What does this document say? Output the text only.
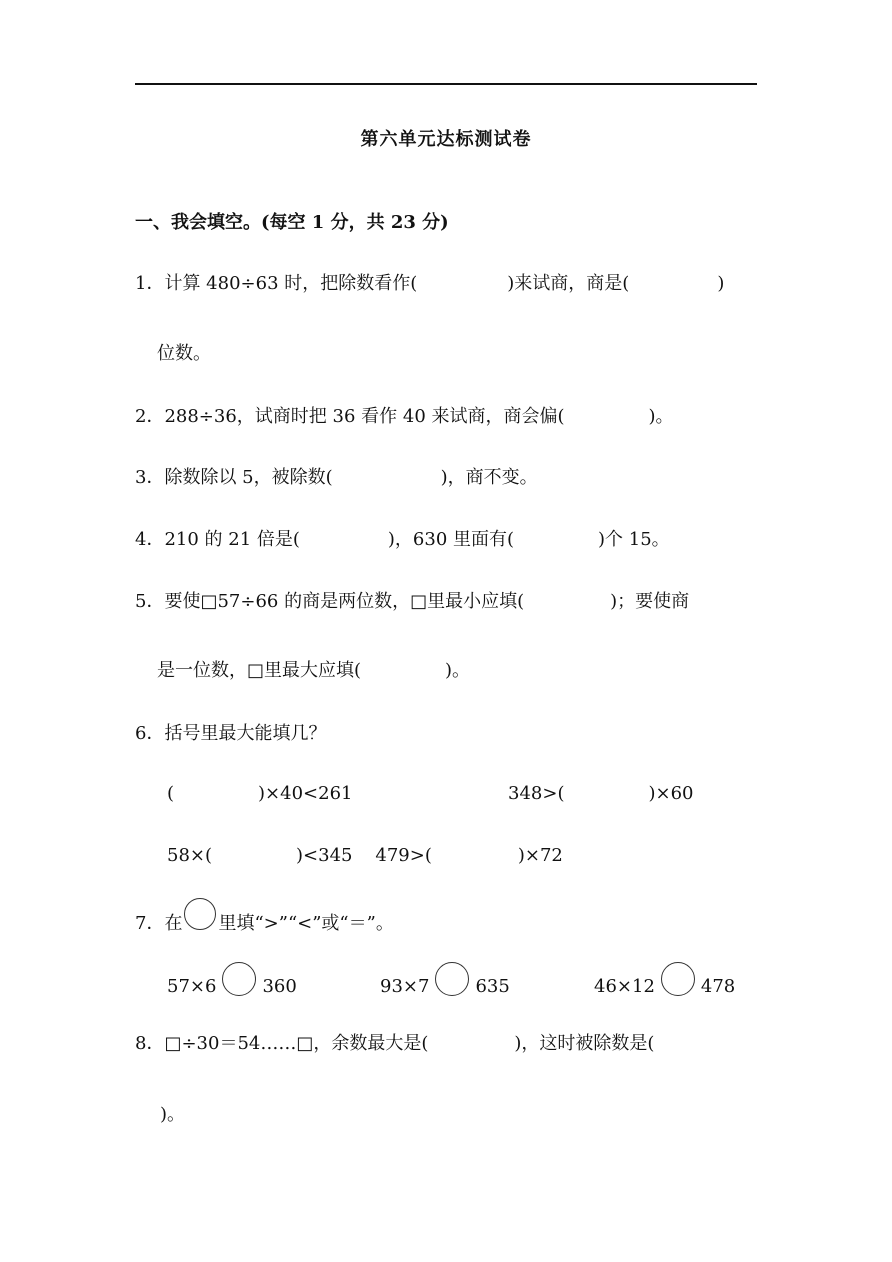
第六单元达标测试卷
一、我会填空。(每空 1 分，共 23 分)
1．计算 480÷63 时，把除数看作(	)来试商，商是(	)
位数。
2．288÷36，试商时把 36 看作 40 来试商，商会偏(	)。
3．除数除以 5，被除数(	)，商不变。
4．210 的 21 倍是(	)，630 里面有(	)个 15。
5．要使□57÷66 的商是两位数，□里最小应填(	)；要使商
是一位数，□里最大应填(	)。
6．括号里最大能填几？
(	)×40<261	348>(	)×60
58×(	)<345 479>(	)×72
7．在 里填“>”“<”或“＝”。
57×6	360	93×7	635	46×12	478
8．□÷30＝54……□，余数最大是(	)，这时被除数是(
)。
